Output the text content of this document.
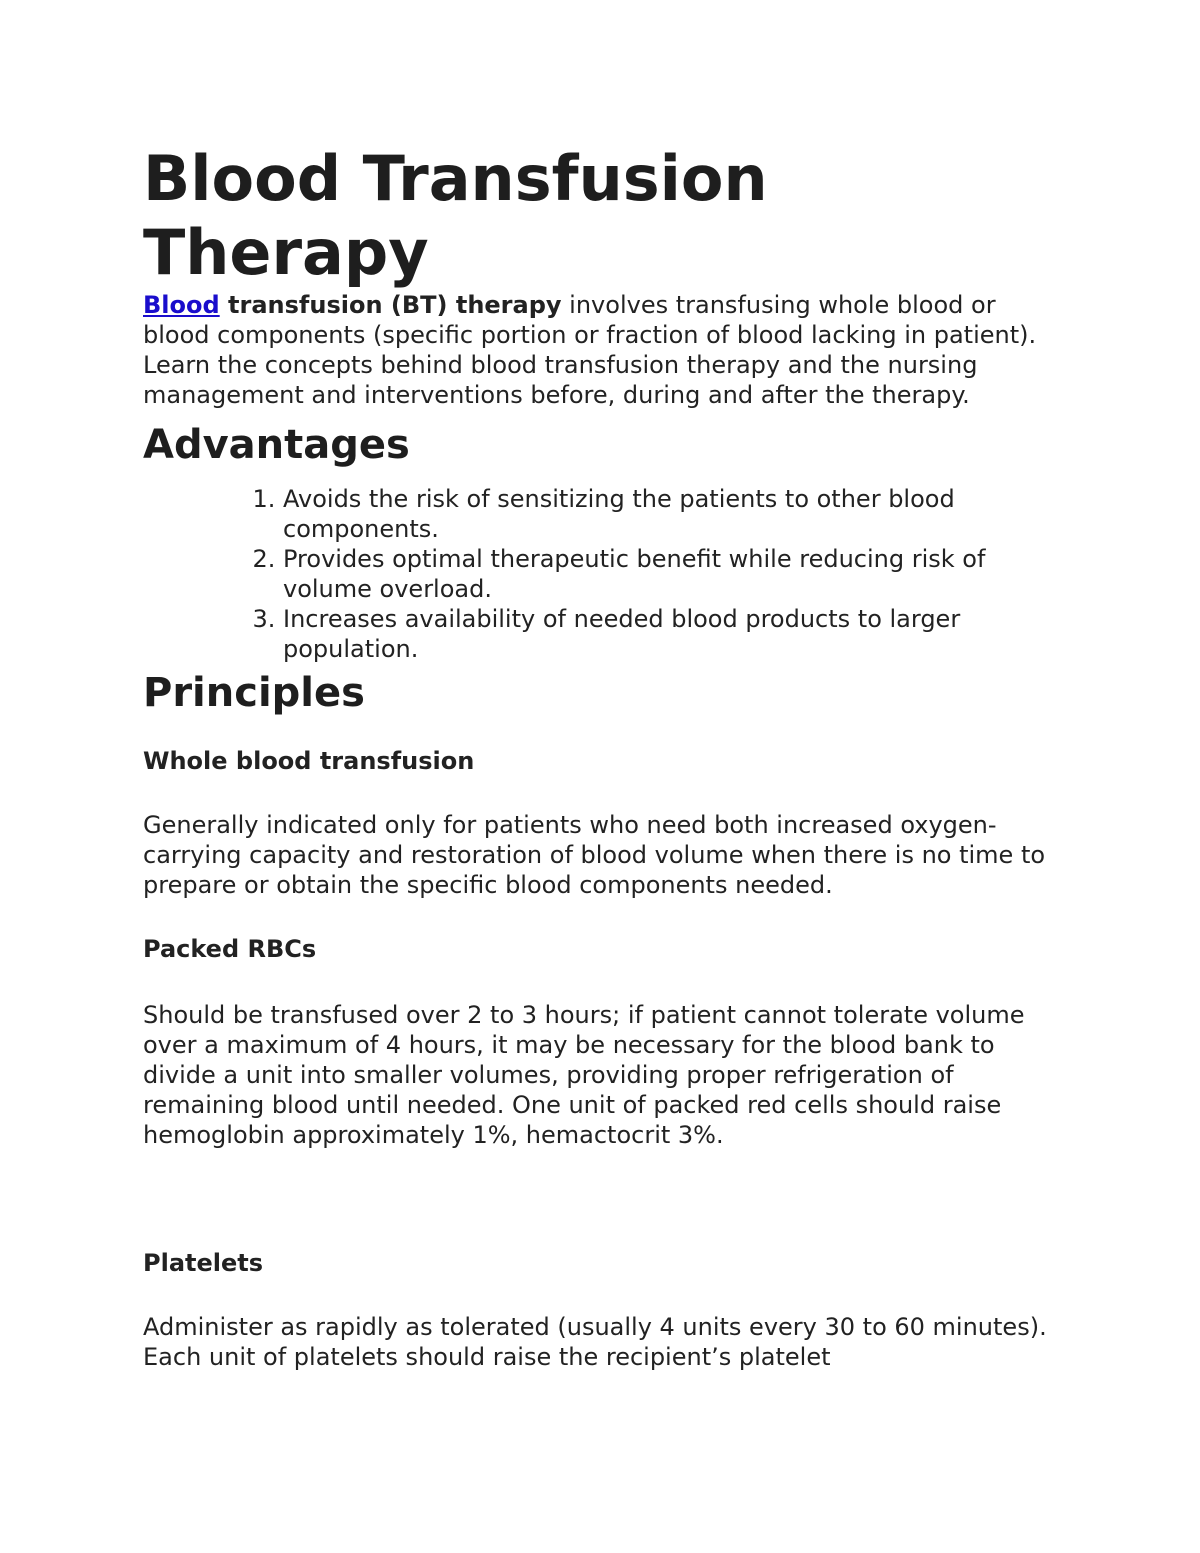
Blood Transfusion Therapy

Blood transfusion (BT) therapy involves transfusing whole blood or blood components (specific portion or fraction of blood lacking in patient). Learn the concepts behind blood transfusion therapy and the nursing management and interventions before, during and after the therapy.

Advantages
1. Avoids the risk of sensitizing the patients to other blood components.
2. Provides optimal therapeutic benefit while reducing risk of volume overload.
3. Increases availability of needed blood products to larger population.
Principles
Whole blood transfusion

Generally indicated only for patients who need both increased oxygen-carrying capacity and restoration of blood volume when there is no time to prepare or obtain the specific blood components needed.

Packed RBCs

Should be transfused over 2 to 3 hours; if patient cannot tolerate volume over a maximum of 4 hours, it may be necessary for the blood bank to divide a unit into smaller volumes, providing proper refrigeration of remaining blood until needed. One unit of packed red cells should raise hemoglobin approximately 1%, hemactocrit 3%.

Platelets

Administer as rapidly as tolerated (usually 4 units every 30 to 60 minutes). Each unit of platelets should raise the recipient’s platelet
